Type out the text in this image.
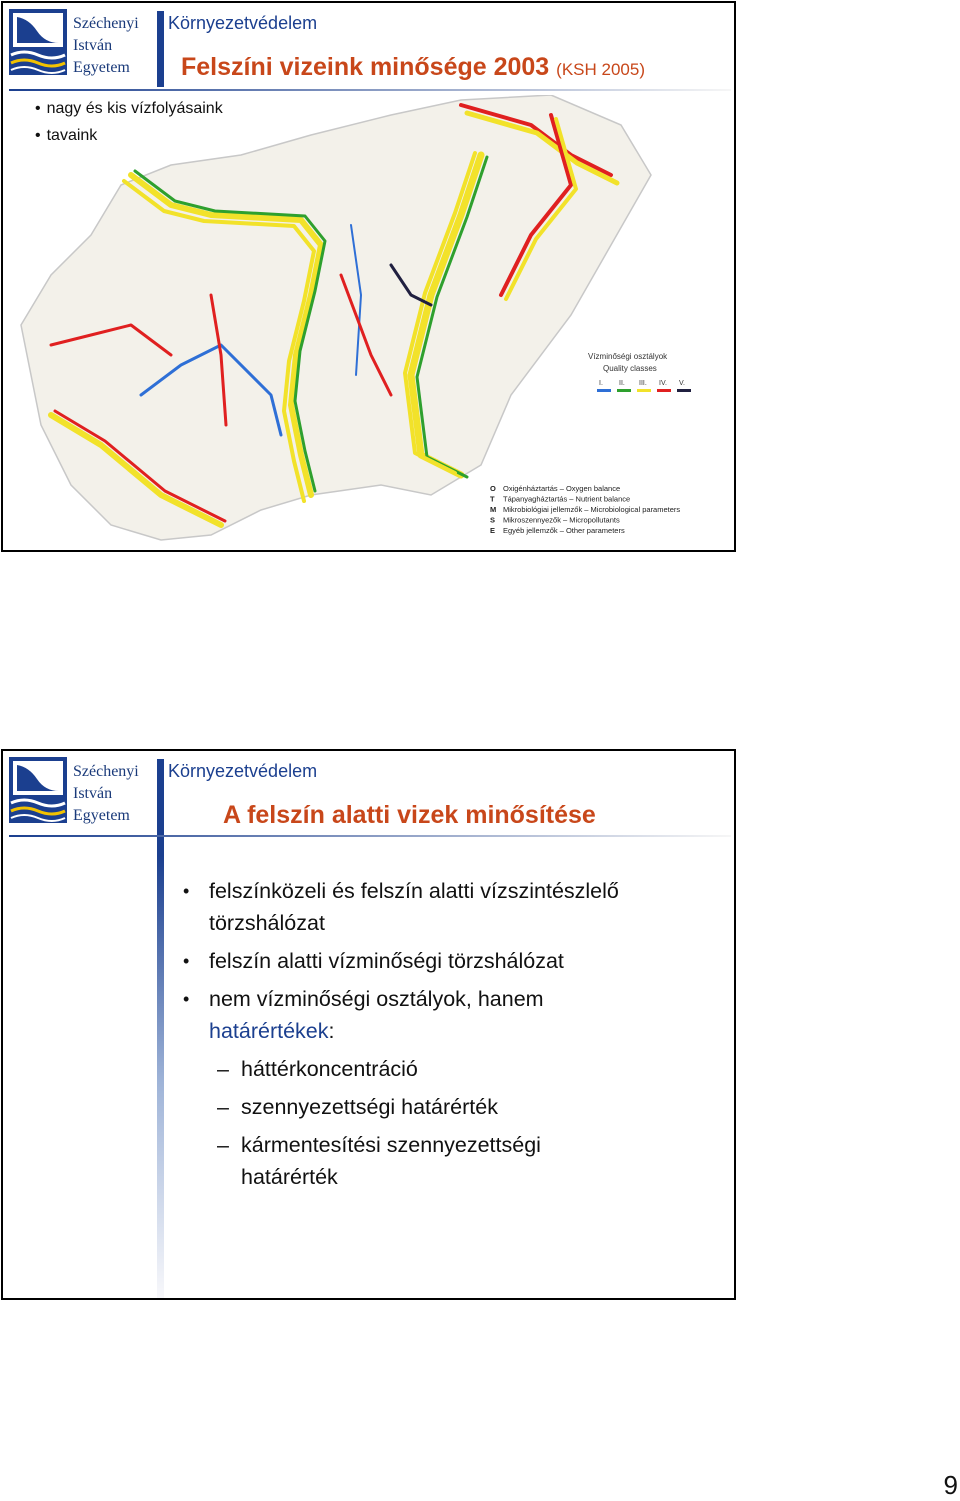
Széchenyi
István
Egyetem
Környezetvédelem
Felszíni vizeink minősége 2003 (KSH 2005)
• nagy és kis vízfolyásaink
• tavaink
Vízminőségi osztályok
Quality classes
I. II. III. IV. V.
O Oxigénháztartás – Oxygen balance
T Tápanyagháztartás – Nutrient balance
M Mikrobiológiai jellemzők – Microbiological parameters
S Mikroszennyezők – Micropollutants
E Egyéb jellemzők – Other parameters
Széchenyi
István
Egyetem
Környezetvédelem
A felszín alatti vizek minősítése
• felszínközeli és felszín alatti vízszintészlelő törzshálózat
• felszín alatti vízminőségi törzshálózat
• nem vízminőségi osztályok, hanem
határértékek:
– háttérkoncentráció
– szennyezettségi határérték
– kármentesítési szennyezettségi határérték
9
